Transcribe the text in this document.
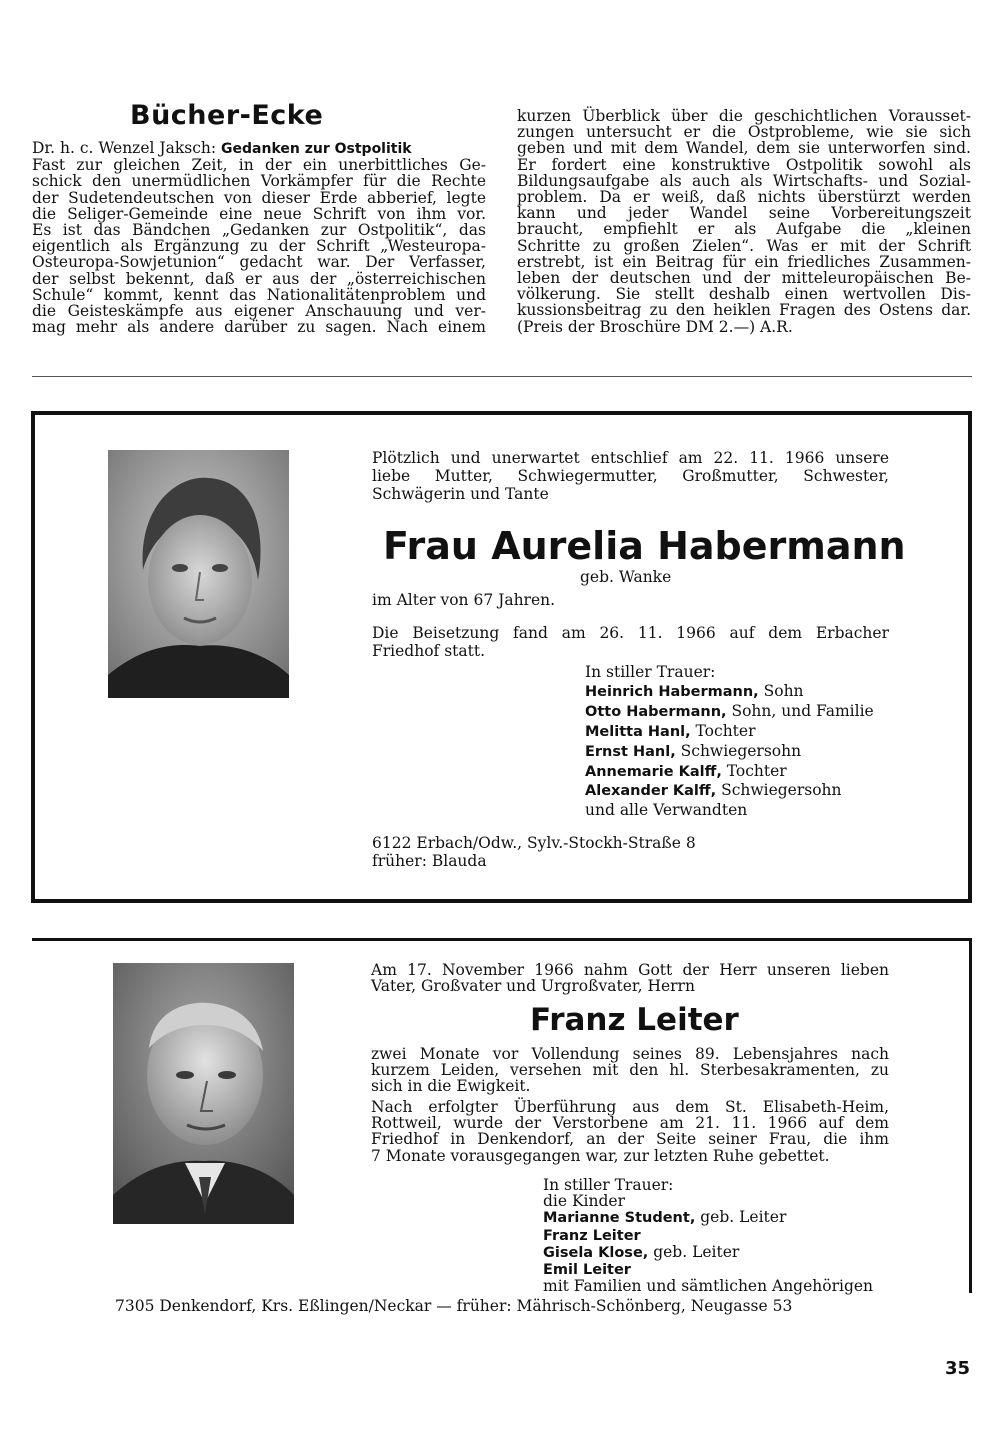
Bücher-Ecke
Dr. h. c. Wenzel Jaksch: Gedanken zur Ostpolitik
Fast zur gleichen Zeit, in der ein unerbittliches Ge-
schick den unermüdlichen Vorkämpfer für die Rechte
der Sudetendeutschen von dieser Erde abberief, legte
die Seliger-Gemeinde eine neue Schrift von ihm vor.
Es ist das Bändchen „Gedanken zur Ostpolitik“, das
eigentlich als Ergänzung zu der Schrift „Westeuropa-
Osteuropa-Sowjetunion“ gedacht war. Der Verfasser,
der selbst bekennt, daß er aus der „österreichischen
Schule“ kommt, kennt das Nationalitätenproblem und
die Geisteskämpfe aus eigener Anschauung und ver-
mag mehr als andere darüber zu sagen. Nach einem
kurzen Überblick über die geschichtlichen Vorausset-
zungen untersucht er die Ostprobleme, wie sie sich
geben und mit dem Wandel, dem sie unterworfen sind.
Er fordert eine konstruktive Ostpolitik sowohl als
Bildungsaufgabe als auch als Wirtschafts- und Sozial-
problem. Da er weiß, daß nichts überstürzt werden
kann und jeder Wandel seine Vorbereitungszeit
braucht, empfiehlt er als Aufgabe die „kleinen
Schritte zu großen Zielen“. Was er mit der Schrift
erstrebt, ist ein Beitrag für ein friedliches Zusammen-
leben der deutschen und der mitteleuropäischen Be-
völkerung. Sie stellt deshalb einen wertvollen Dis-
kussionsbeitrag zu den heiklen Fragen des Ostens dar.
(Preis der Broschüre DM 2.—) A.R.
Plötzlich und unerwartet entschlief am 22. 11. 1966 unsere
liebe Mutter, Schwiegermutter, Großmutter, Schwester,
Schwägerin und Tante
Frau Aurelia Habermann
geb. Wanke
im Alter von 67 Jahren.
Die Beisetzung fand am 26. 11. 1966 auf dem Erbacher
Friedhof statt.
In stiller Trauer:
Heinrich Habermann, Sohn
Otto Habermann, Sohn, und Familie
Melitta Hanl, Tochter
Ernst Hanl, Schwiegersohn
Annemarie Kalff, Tochter
Alexander Kalff, Schwiegersohn
und alle Verwandten
6122 Erbach/Odw., Sylv.-Stockh-Straße 8
früher: Blauda
Am 17. November 1966 nahm Gott der Herr unseren lieben
Vater, Großvater und Urgroßvater, Herrn
Franz Leiter
zwei Monate vor Vollendung seines 89. Lebensjahres nach
kurzem Leiden, versehen mit den hl. Sterbesakramenten, zu
sich in die Ewigkeit.
Nach erfolgter Überführung aus dem St. Elisabeth-Heim,
Rottweil, wurde der Verstorbene am 21. 11. 1966 auf dem
Friedhof in Denkendorf, an der Seite seiner Frau, die ihm
7 Monate vorausgegangen war, zur letzten Ruhe gebettet.
In stiller Trauer:
die Kinder
Marianne Student, geb. Leiter
Franz Leiter
Gisela Klose, geb. Leiter
Emil Leiter
mit Familien und sämtlichen Angehörigen
7305 Denkendorf, Krs. Eßlingen/Neckar — früher: Mährisch-Schönberg, Neugasse 53
35
